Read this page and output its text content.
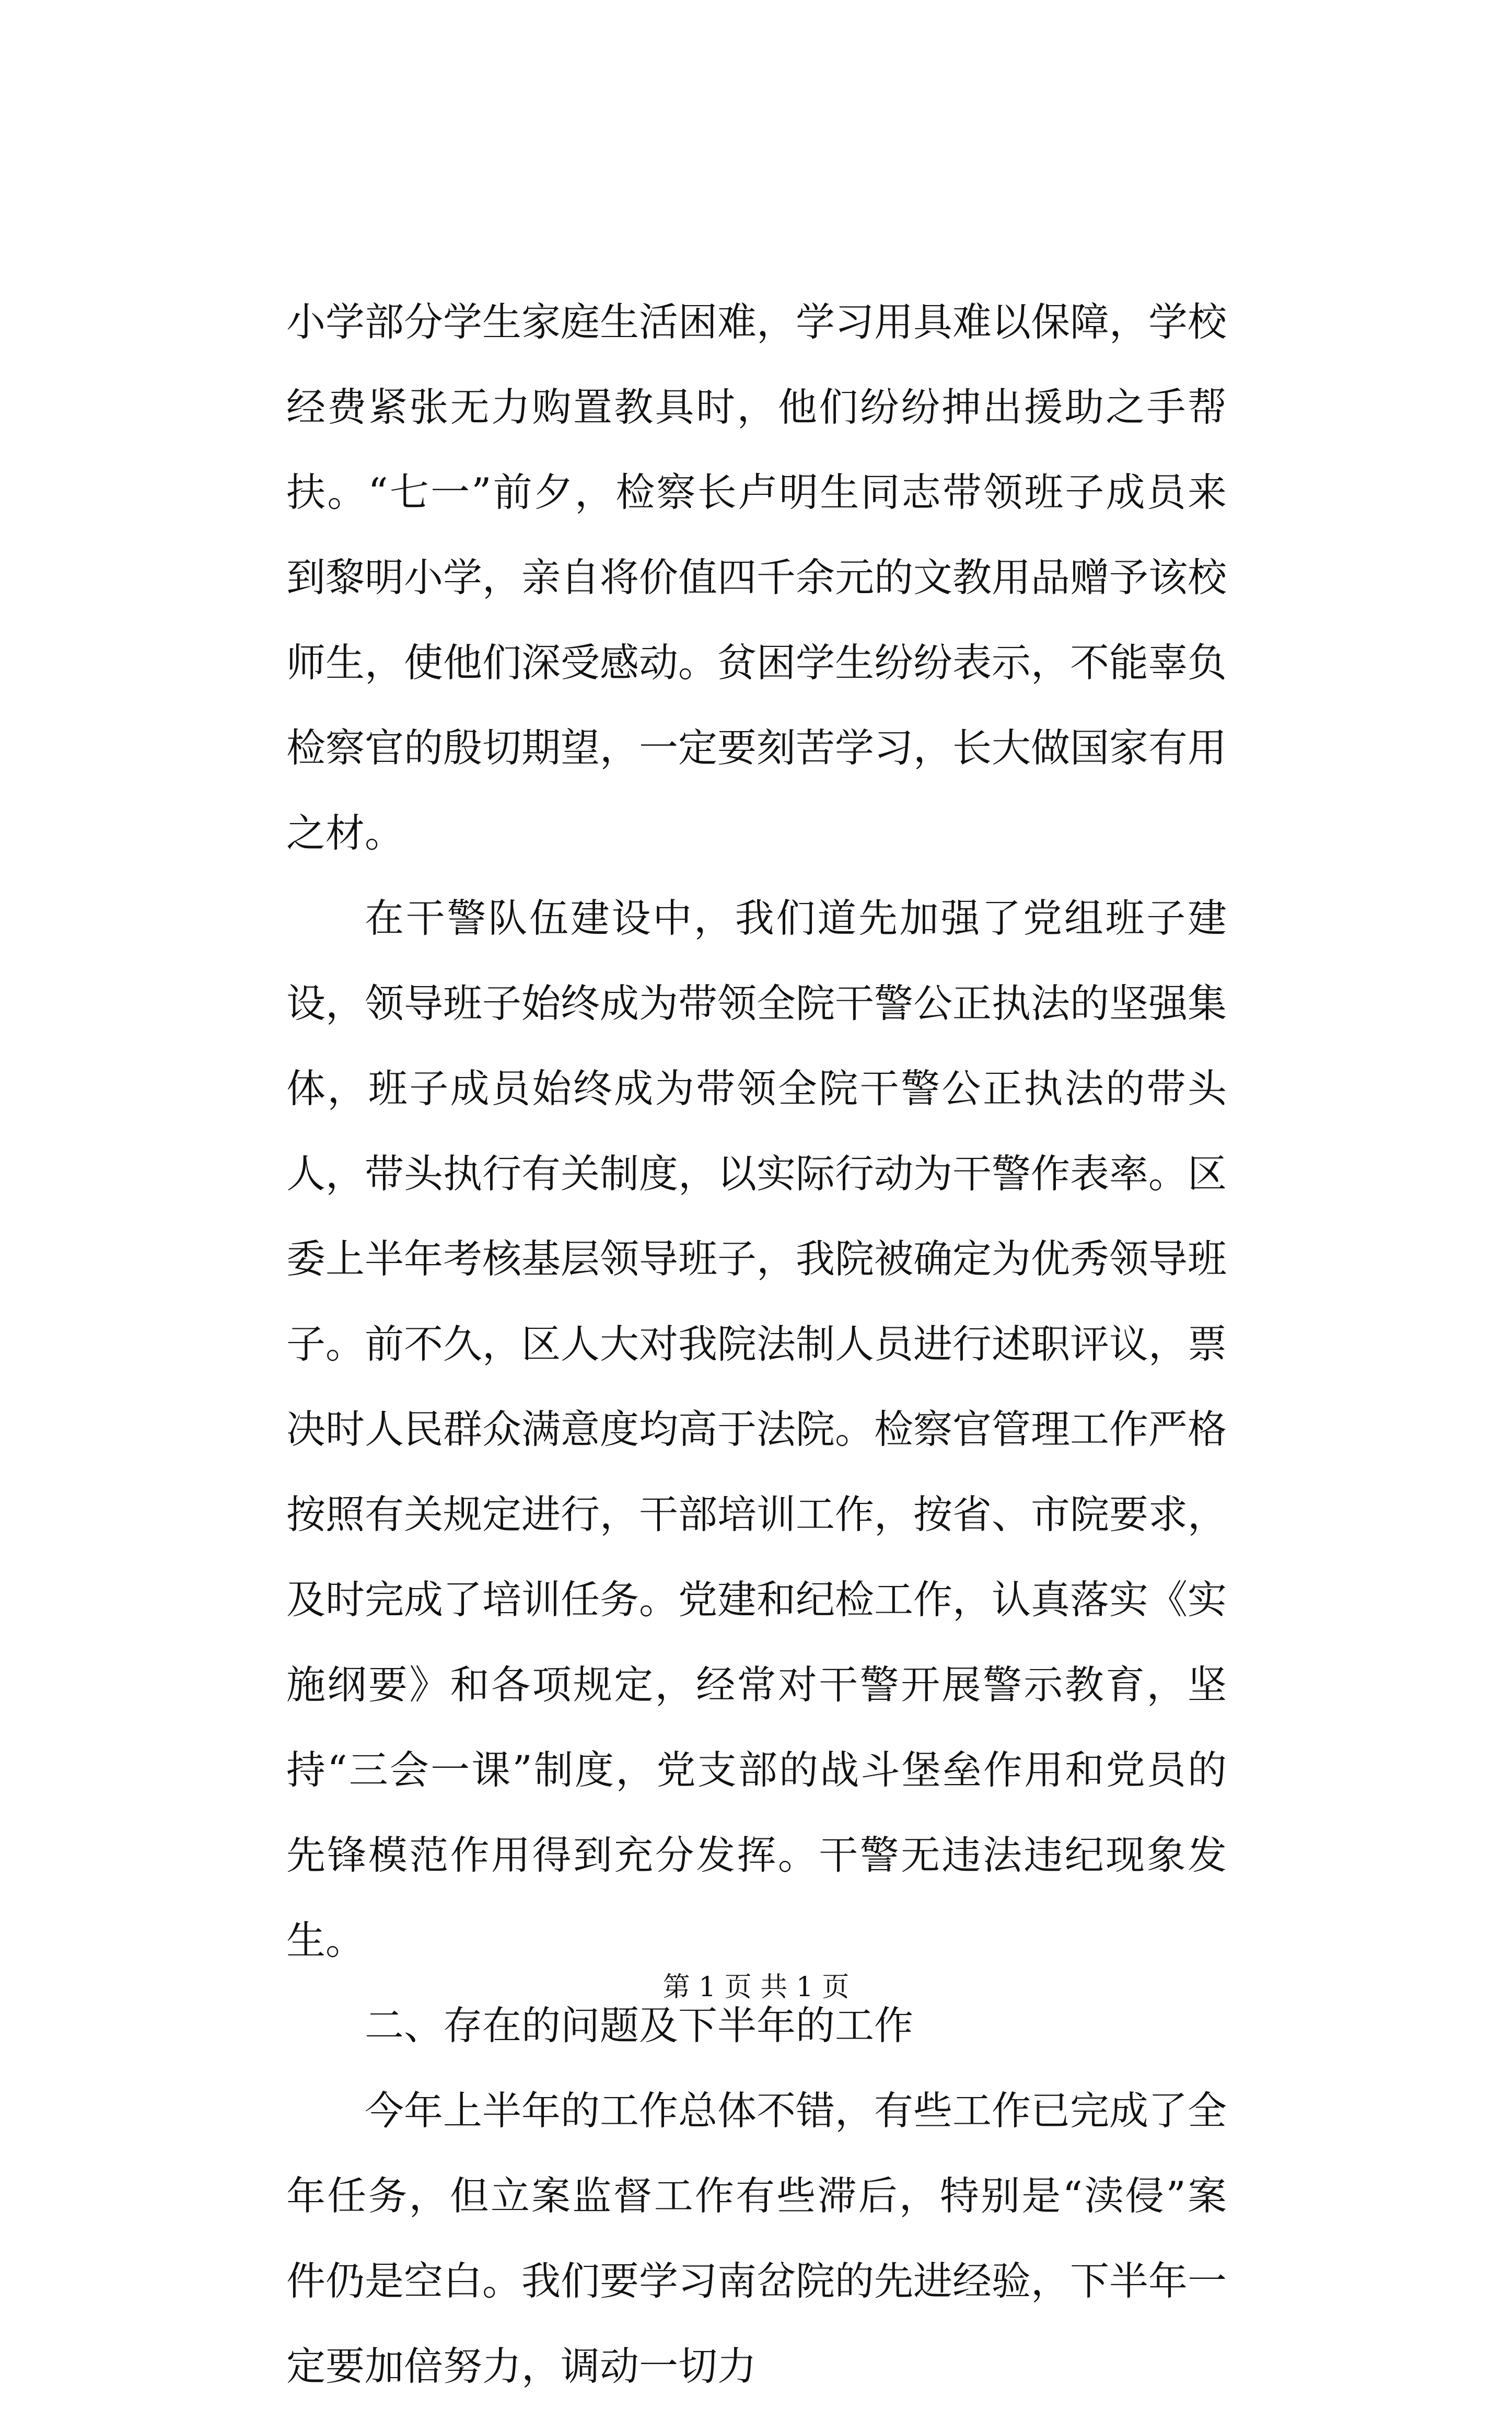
小学部分学生家庭生活困难，学习用具难以保障，学校经费紧张无力购置教具时，他们纷纷抻出援助之手帮扶。“七一”前夕，检察长卢明生同志带领班子成员来到黎明小学，亲自将价值四千余元的文教用品赠予该校师生，使他们深受感动。贫困学生纷纷表示，不能辜负检察官的殷切期望，一定要刻苦学习，长大做国家有用之材。

在干警队伍建设中，我们道先加强了党组班子建设，领导班子始终成为带领全院干警公正执法的坚强集体，班子成员始终成为带领全院干警公正执法的带头人，带头执行有关制度，以实际行动为干警作表率。区委上半年考核基层领导班子，我院被确定为优秀领导班子。前不久，区人大对我院法制人员进行述职评议，票决时人民群众满意度均高于法院。检察官管理工作严格按照有关规定进行，干部培训工作，按省、市院要求，及时完成了培训任务。党建和纪检工作，认真落实《实施纲要》和各项规定，经常对干警开展警示教育，坚持“三会一课”制度，党支部的战斗堡垒作用和党员的先锋模范作用得到充分发挥。干警无违法违纪现象发生。

二、存在的问题及下半年的工作

今年上半年的工作总体不错，有些工作已完成了全年任务，但立案监督工作有些滞后，特别是“渎侵”案件仍是空白。我们要学习南岔院的先进经验，下半年一定要加倍努力，调动一切力

第 1 页 共 1 页
